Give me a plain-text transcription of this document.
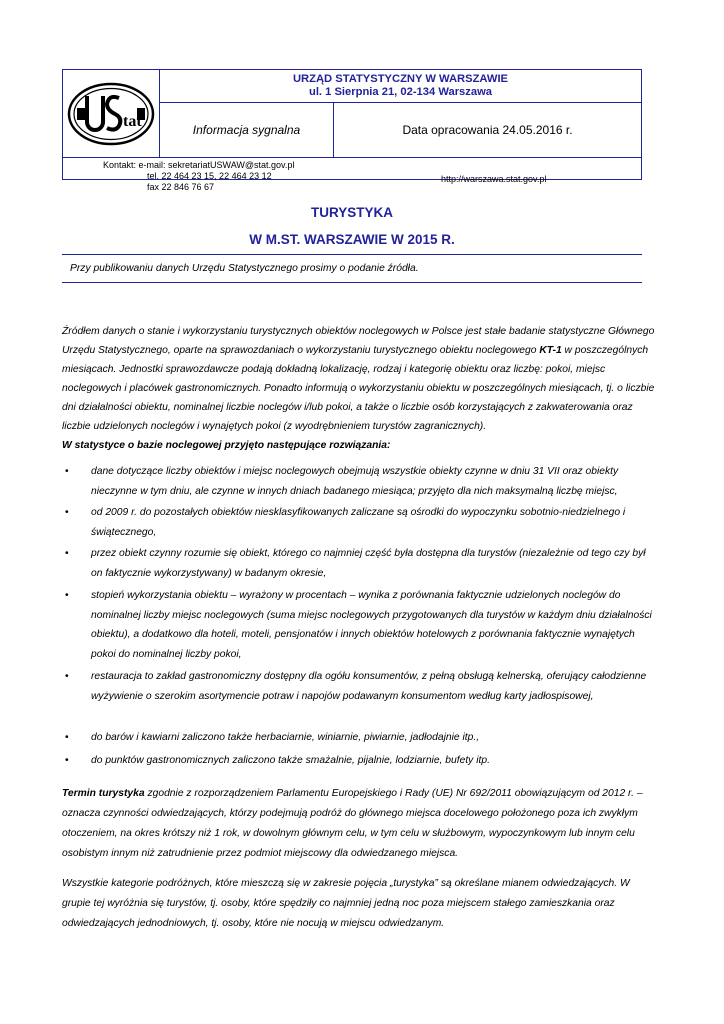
tat
URZĄD STATYSTYCZNY W WARSZAWIE
ul. 1 Sierpnia 21, 02-134 Warszawa
Informacja sygnalna	Data opracowania 24.05.2016 r.
Kontakt: e-mail: sekretariatUSWAW@stat.gov.pl
tel. 22 464 23 15, 22 464 23 12
fax 22 846 76 67
http://warszawa.stat.gov.pl
TURYSTYKA
W M.ST. WARSZAWIE W 2015 R.
Przy publikowaniu danych Urzędu Statystycznego prosimy o podanie źródła.

Źródłem danych o stanie i wykorzystaniu turystycznych obiektów noclegowych w Polsce jest stałe badanie statystyczne Głównego Urzędu Statystycznego, oparte na sprawozdaniach o wykorzystaniu turystycznego obiektu noclegowego KT-1 w poszczególnych miesiącach. Jednostki sprawozdawcze podają dokładną lokalizację, rodzaj i kategorię obiektu oraz liczbę: pokoi, miejsc noclegowych i placówek gastronomicznych. Ponadto informują o wykorzystaniu obiektu w poszczególnych miesiącach, tj. o liczbie dni działalności obiektu, nominalnej liczbie noclegów i/lub pokoi, a także o liczbie osób korzystających z zakwaterowania oraz liczbie udzielonych noclegów i wynajętych pokoi (z wyodrębnieniem turystów zagranicznych).

W statystyce o bazie noclegowej przyjęto następujące rozwiązania:
• dane dotyczące liczby obiektów i miejsc noclegowych obejmują wszystkie obiekty czynne w dniu 31 VII oraz obiekty nieczynne w tym dniu, ale czynne w innych dniach badanego miesiąca; przyjęto dla nich maksymalną liczbę miejsc,
• od 2009 r. do pozostałych obiektów niesklasyfikowanych zaliczane są ośrodki do wypoczynku sobotnio-niedzielnego i świątecznego,
• przez obiekt czynny rozumie się obiekt, którego co najmniej część była dostępna dla turystów (niezależnie od tego czy był on faktycznie wykorzystywany) w badanym okresie,
• stopień wykorzystania obiektu – wyrażony w procentach – wynika z porównania faktycznie udzielonych noclegów do nominalnej liczby miejsc noclegowych (suma miejsc noclegowych przygotowanych dla turystów w każdym dniu działalności obiektu), a dodatkowo dla hoteli, moteli, pensjonatów i innych obiektów hotelowych z porównania faktycznie wynajętych pokoi do nominalnej liczby pokoi,
• restauracja to zakład gastronomiczny dostępny dla ogółu konsumentów, z pełną obsługą kelnerską, oferujący całodzienne wyżywienie o szerokim asortymencie potraw i napojów podawanym konsumentom według karty jadłospisowej,
• do barów i kawiarni zaliczono także herbaciarnie, winiarnie, piwiarnie, jadłodajnie itp.,
• do punktów gastronomicznych zaliczono także smażalnie, pijalnie, lodziarnie, bufety itp.

Termin turystyka zgodnie z rozporządzeniem Parlamentu Europejskiego i Rady (UE) Nr 692/2011 obowiązującym od 2012 r. – oznacza czynności odwiedzających, którzy podejmują podróż do głównego miejsca docelowego położonego poza ich zwykłym otoczeniem, na okres krótszy niż 1 rok, w dowolnym głównym celu, w tym celu w służbowym, wypoczynkowym lub innym celu osobistym innym niż zatrudnienie przez podmiot miejscowy dla odwiedzanego miejsca.

Wszystkie kategorie podróżnych, które mieszczą się w zakresie pojęcia „turystyka” są określane mianem odwiedzających. W grupie tej wyróżnia się turystów, tj. osoby, które spędziły co najmniej jedną noc poza miejscem stałego zamieszkania oraz odwiedzających jednodniowych, tj. osoby, które nie nocują w miejscu odwiedzanym.
